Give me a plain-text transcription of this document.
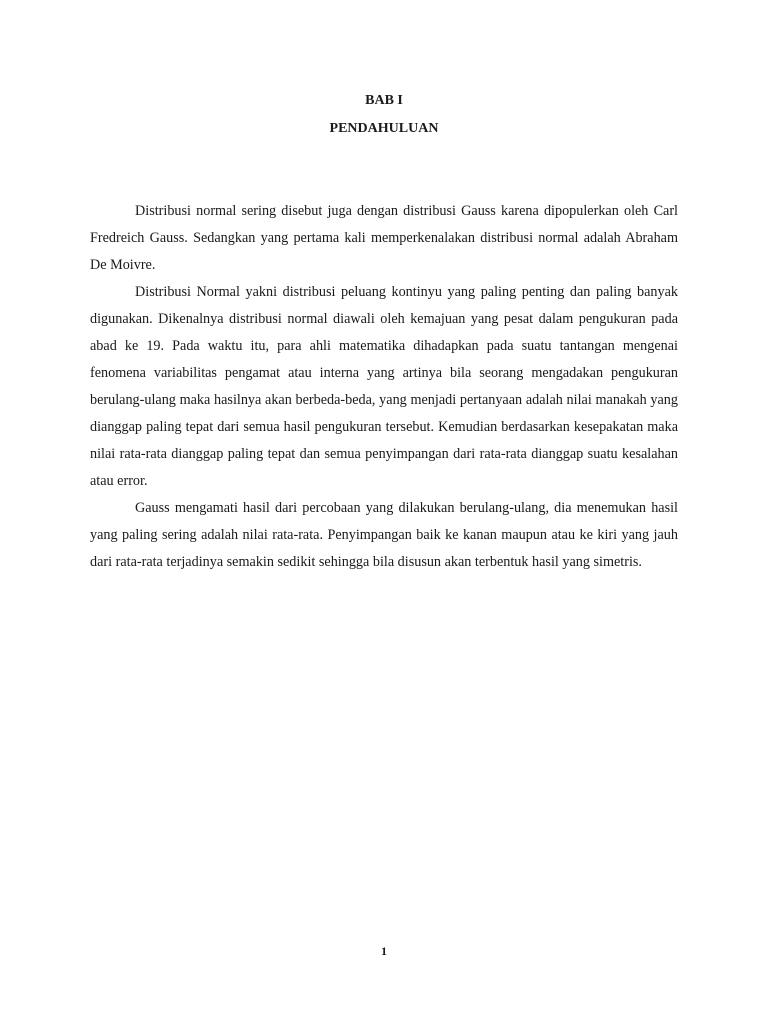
BAB I
PENDAHULUAN

Distribusi normal sering disebut juga dengan distribusi Gauss karena dipopulerkan oleh Carl Fredreich Gauss. Sedangkan yang pertama kali memperkenalakan distribusi normal adalah Abraham De Moivre.

Distribusi Normal yakni distribusi peluang kontinyu yang paling penting dan paling banyak digunakan. Dikenalnya distribusi normal diawali oleh kemajuan yang pesat dalam pengukuran pada abad ke 19. Pada waktu itu, para ahli matematika dihadapkan pada suatu tantangan mengenai fenomena variabilitas pengamat atau interna yang artinya bila seorang mengadakan pengukuran berulang-ulang maka hasilnya akan berbeda-beda, yang menjadi pertanyaan adalah nilai manakah yang dianggap paling tepat dari semua hasil pengukuran tersebut. Kemudian berdasarkan kesepakatan maka nilai rata-rata dianggap paling tepat dan semua penyimpangan dari rata-rata dianggap suatu kesalahan atau error.

Gauss mengamati hasil dari percobaan yang dilakukan berulang-ulang, dia menemukan hasil yang paling sering adalah nilai rata-rata. Penyimpangan baik ke kanan maupun atau ke kiri yang jauh dari rata-rata terjadinya semakin sedikit sehingga bila disusun akan terbentuk hasil yang simetris.

1
